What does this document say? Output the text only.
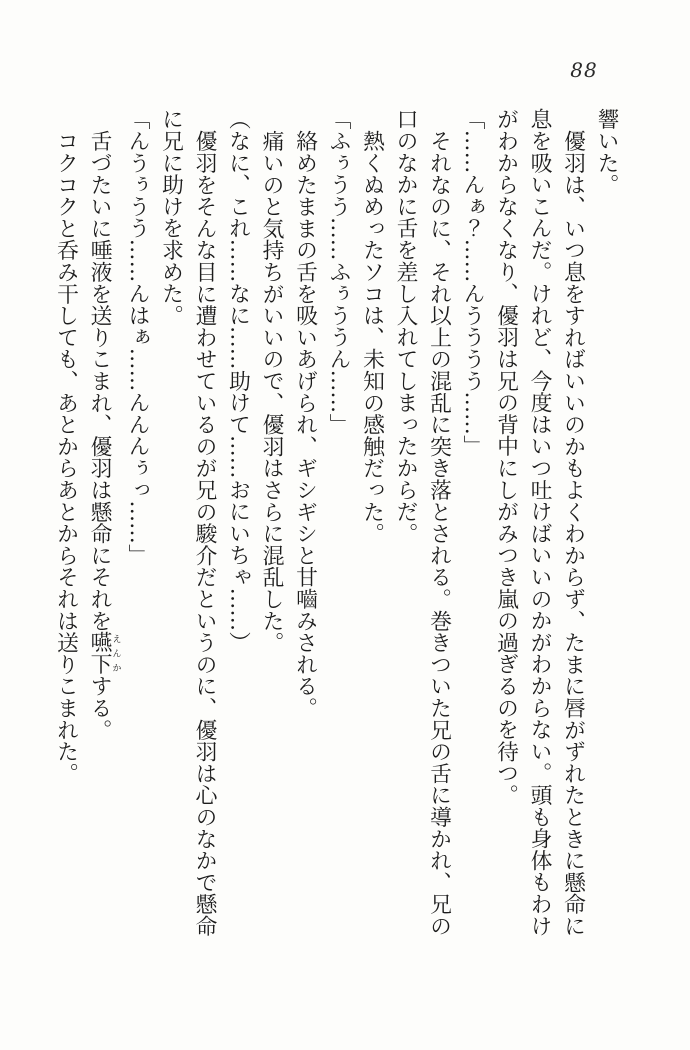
88

響いた。

優羽は、いつ息をすればいいのかもよくわからず、たまに唇がずれたときに懸命に息を吸いこんだ。けれど、今度はいつ吐けばいいのかがわからない。頭も身体もわけがわからなくなり、優羽は兄の背中にしがみつき嵐の過ぎるのを待つ。

「……んぁ？……んうううう……」

それなのに、それ以上の混乱に突き落とされる。巻きついた兄の舌に導かれ、兄の口のなかに舌を差し入れてしまったからだ。

熱くぬめったソコは、未知の感触だった。

「ふぅうう……ふぅううん……」

絡めたままの舌を吸いあげられ、ギシギシと甘嚙みされる。

痛いのと気持ちがいいので、優羽はさらに混乱した。

（なに、これ……なに……助けて……おにいちゃ……）

優羽をそんな目に遭わせているのが兄の駿介だというのに、優羽は心のなかで懸命に兄に助けを求めた。

「んうぅうう……んはぁ……んんんぅっ……」

舌づたいに唾液を送りこまれ、優羽は懸命にそれを嚥下えんかする。

コクコクと呑み干しても、あとからあとからそれは送りこまれた。
